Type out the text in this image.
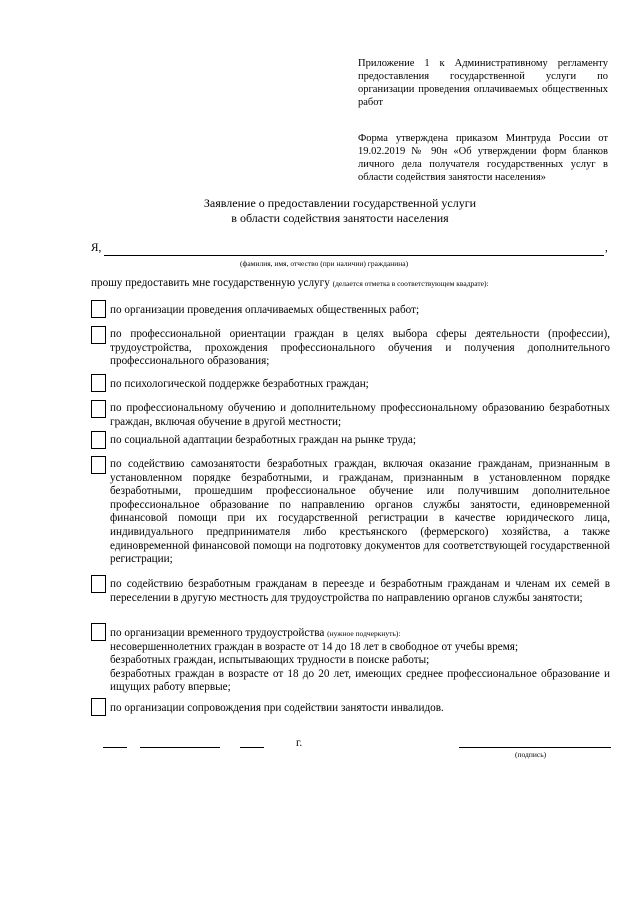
Приложение 1 к Административному регламенту предоставления государственной услуги по организации проведения оплачиваемых общественных работ
Форма утверждена приказом Минтруда России от 19.02.2019 № 90н «Об утверждении форм бланков личного дела получателя государственных услуг в области содействия занятости населения»
Заявление о предоставлении государственной услуги
в области содействия занятости населения
Я,	,
(фамилия, имя, отчество (при наличии) гражданина)
прошу предоставить мне государственную услугу (делается отметка в соответствующем квадрате):
по организации проведения оплачиваемых общественных работ;
по профессиональной ориентации граждан в целях выбора сферы деятельности (профессии), трудоустройства, прохождения профессионального обучения и получения дополнительного профессионального образования;
по психологической поддержке безработных граждан;
по профессиональному обучению и дополнительному профессиональному образованию безработных граждан, включая обучение в другой местности;
по социальной адаптации безработных граждан на рынке труда;
по содействию самозанятости безработных граждан, включая оказание гражданам, признанным в установленном порядке безработными, и гражданам, признанным в установленном порядке безработными, прошедшим профессиональное обучение или получившим дополнительное профессиональное образование по направлению органов службы занятости, единовременной финансовой помощи при их государственной регистрации в качестве юридического лица, индивидуального предпринимателя либо крестьянского (фермерского) хозяйства, а также единовременной финансовой помощи на подготовку документов для соответствующей государственной регистрации;
по содействию безработным гражданам в переезде и безработным гражданам и членам их семей в переселении в другую местность для трудоустройства по направлению органов службы занятости;
по организации временного трудоустройства (нужное подчеркнуть):
несовершеннолетних граждан в возрасте от 14 до 18 лет в свободное от учебы время;
безработных граждан, испытывающих трудности в поиске работы;
безработных граждан в возрасте от 18 до 20 лет, имеющих среднее профессиональное образование и ищущих работу впервые;
по организации сопровождения при содействии занятости инвалидов.
г.
(подпись)
